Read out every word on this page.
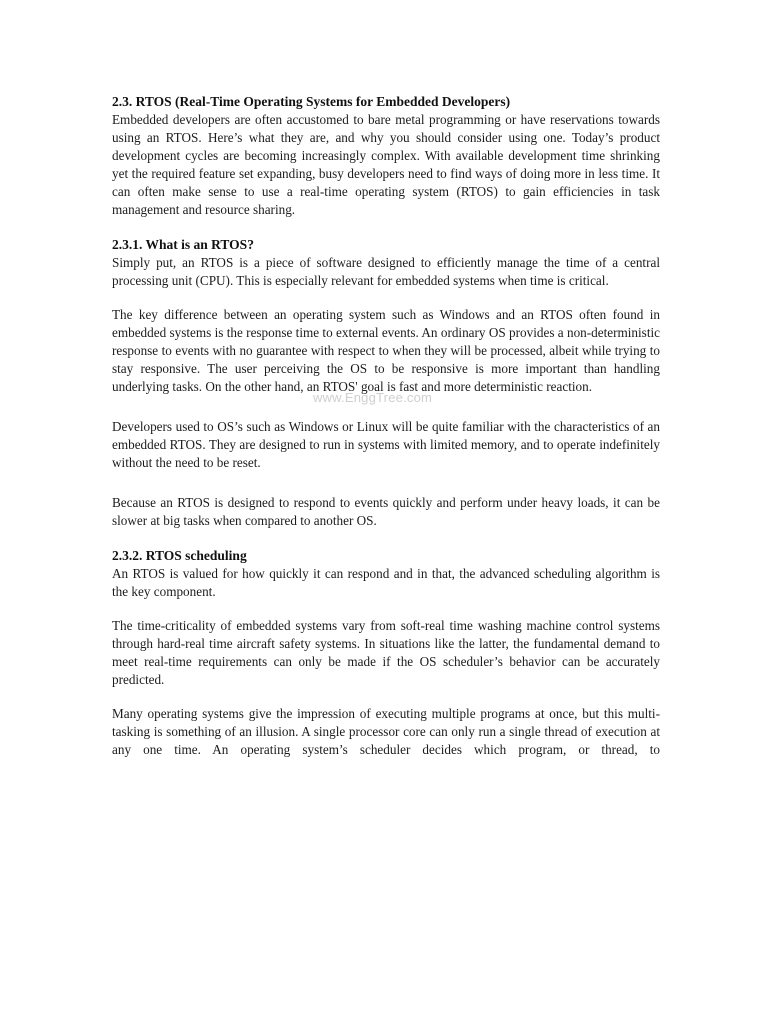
2.3. RTOS (Real-Time Operating Systems for Embedded Developers)

Embedded developers are often accustomed to bare metal programming or have reservations towards using an RTOS. Here’s what they are, and why you should consider using one. Today’s product development cycles are becoming increasingly complex. With available development time shrinking yet the required feature set expanding, busy developers need to find ways of doing more in less time. It can often make sense to use a real-time operating system (RTOS) to gain efficiencies in task management and resource sharing.

2.3.1. What is an RTOS?

Simply put, an RTOS is a piece of software designed to efficiently manage the time of a central processing unit (CPU). This is especially relevant for embedded systems when time is critical.

The key difference between an operating system such as Windows and an RTOS often found in embedded systems is the response time to external events. An ordinary OS provides a non-deterministic response to events with no guarantee with respect to when they will be processed, albeit while trying to stay responsive. The user perceiving the OS to be responsive is more important than handling underlying tasks. On the other hand, an RTOS' goal is fast and more deterministic reaction.

Developers used to OS’s such as Windows or Linux will be quite familiar with the characteristics of an embedded RTOS. They are designed to run in systems with limited memory, and to operate indefinitely without the need to be reset.

Because an RTOS is designed to respond to events quickly and perform under heavy loads, it can be slower at big tasks when compared to another OS.

2.3.2. RTOS scheduling

An RTOS is valued for how quickly it can respond and in that, the advanced scheduling algorithm is the key component.

The time-criticality of embedded systems vary from soft-real time washing machine control systems through hard-real time aircraft safety systems. In situations like the latter, the fundamental demand to meet real-time requirements can only be made if the OS scheduler’s behavior can be accurately predicted.

Many operating systems give the impression of executing multiple programs at once, but this multi-tasking is something of an illusion. A single processor core can only run a single thread of execution at any one time. An operating system’s scheduler decides which program, or thread, to

www.EnggTree.com
